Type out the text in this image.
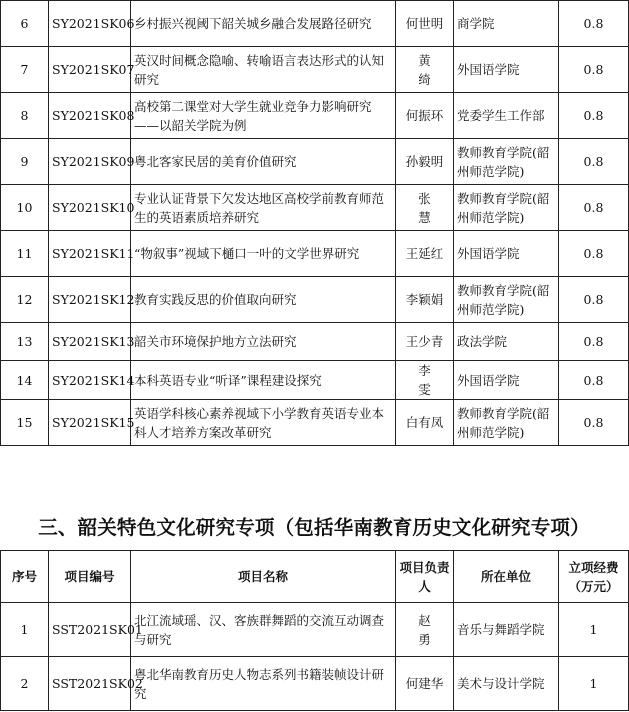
6	SY2021SK06	乡村振兴视阈下韶关城乡融合发展路径研究	何世明	商学院	0.8
7	SY2021SK07	英汉时间概念隐喻、转喻语言表达形式的认知研究	黄 绮	外国语学院	0.8
8	SY2021SK08	高校第二课堂对大学生就业竞争力影响研究——以韶关学院为例	何振环	党委学生工作部	0.8
9	SY2021SK09	粤北客家民居的美育价值研究	孙毅明	教师教育学院(韶州师范学院)	0.8
10	SY2021SK10	专业认证背景下欠发达地区高校学前教育师范生的英语素质培养研究	张 慧	教师教育学院(韶州师范学院)	0.8
11	SY2021SK11	“物叙事”视域下樋口一叶的文学世界研究	王延红	外国语学院	0.8
12	SY2021SK12	教育实践反思的价值取向研究	李颖娟	教师教育学院(韶州师范学院)	0.8
13	SY2021SK13	韶关市环境保护地方立法研究	王少青	政法学院	0.8
14	SY2021SK14	本科英语专业“听译”课程建设探究	李 雯	外国语学院	0.8
15	SY2021SK15	英语学科核心素养视域下小学教育英语专业本科人才培养方案改革研究	白有凤	教师教育学院(韶州师范学院)	0.8
三、韶关特色文化研究专项（包括华南教育历史文化研究专项）
序号	项目编号	项目名称	项目负责人	所在单位	立项经费（万元）
1	SST2021SK01	北江流域瑶、汉、客族群舞蹈的交流互动调查与研究	赵 勇	音乐与舞蹈学院	1
2	SST2021SK02	粤北华南教育历史人物志系列书籍装帧设计研究	何建华	美术与设计学院	1
